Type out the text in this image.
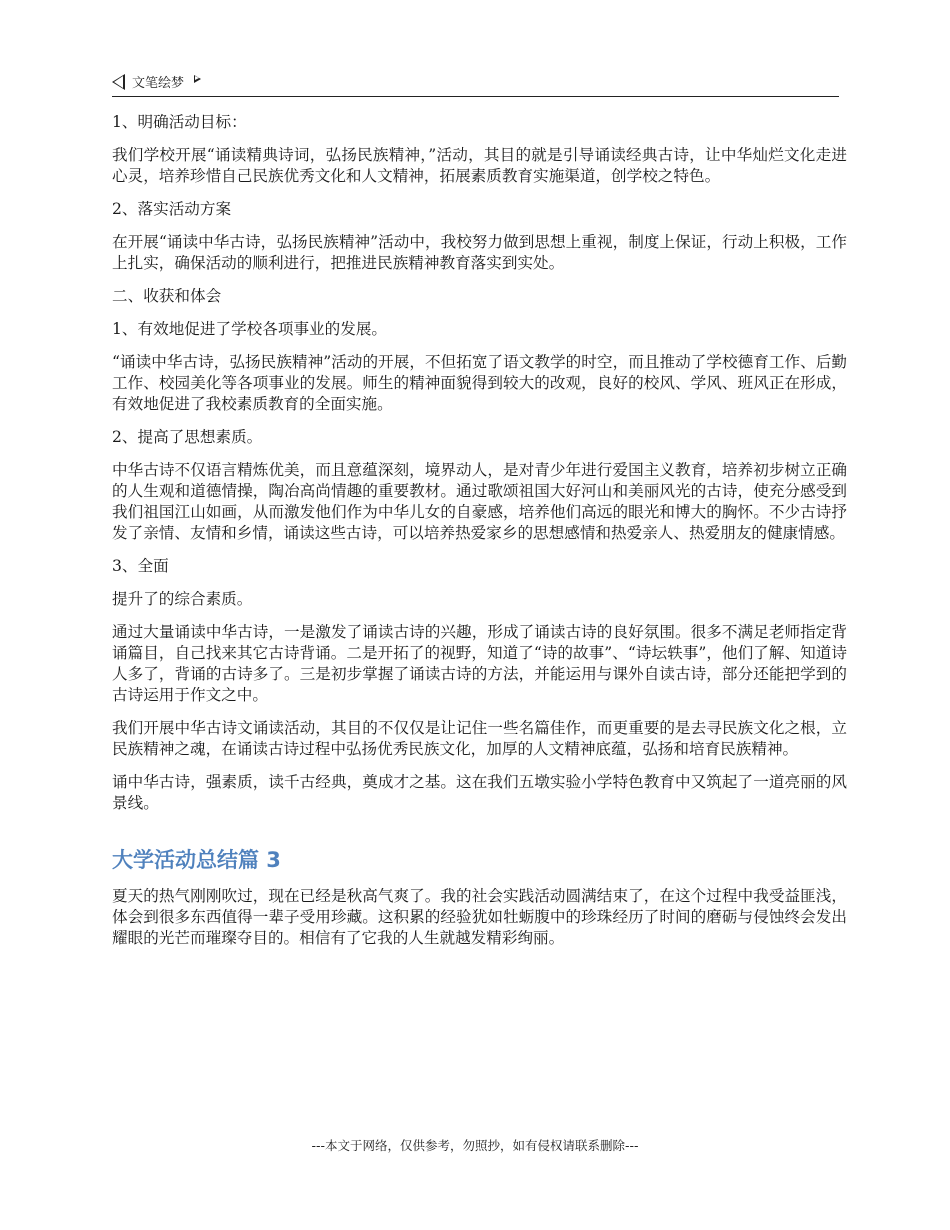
文笔绘梦

1、明确活动目标：

我们学校开展“诵读精典诗词，弘扬民族精神，”活动，其目的就是引导诵读经典古诗，让中华灿烂文化走进心灵，培养珍惜自己民族优秀文化和人文精神，拓展素质教育实施渠道，创学校之特色。

2、落实活动方案

在开展“诵读中华古诗，弘扬民族精神”活动中，我校努力做到思想上重视，制度上保证，行动上积极，工作上扎实，确保活动的顺利进行，把推进民族精神教育落实到实处。

二、收获和体会

1、有效地促进了学校各项事业的发展。

“诵读中华古诗，弘扬民族精神”活动的开展，不但拓宽了语文教学的时空，而且推动了学校德育工作、后勤工作、校园美化等各项事业的发展。师生的精神面貌得到较大的改观，良好的校风、学风、班风正在形成，有效地促进了我校素质教育的全面实施。

2、提高了思想素质。

中华古诗不仅语言精炼优美，而且意蕴深刻，境界动人，是对青少年进行爱国主义教育，培养初步树立正确的人生观和道德情操，陶冶高尚情趣的重要教材。通过歌颂祖国大好河山和美丽风光的古诗，使充分感受到我们祖国江山如画，从而激发他们作为中华儿女的自豪感，培养他们高远的眼光和博大的胸怀。不少古诗抒发了亲情、友情和乡情，诵读这些古诗，可以培养热爱家乡的思想感情和热爱亲人、热爱朋友的健康情感。

3、全面

提升了的综合素质。

通过大量诵读中华古诗，一是激发了诵读古诗的兴趣，形成了诵读古诗的良好氛围。很多不满足老师指定背诵篇目，自己找来其它古诗背诵。二是开拓了的视野，知道了“诗的故事”、“诗坛轶事”，他们了解、知道诗人多了，背诵的古诗多了。三是初步掌握了诵读古诗的方法，并能运用与课外自读古诗，部分还能把学到的古诗运用于作文之中。

我们开展中华古诗文诵读活动，其目的不仅仅是让记住一些名篇佳作，而更重要的是去寻民族文化之根，立民族精神之魂，在诵读古诗过程中弘扬优秀民族文化，加厚的人文精神底蕴，弘扬和培育民族精神。

诵中华古诗，强素质，读千古经典，奠成才之基。这在我们五墩实验小学特色教育中又筑起了一道亮丽的风景线。

大学活动总结篇 3

夏天的热气刚刚吹过，现在已经是秋高气爽了。我的社会实践活动圆满结束了，在这个过程中我受益匪浅，体会到很多东西值得一辈子受用珍藏。这积累的经验犹如牡蛎腹中的珍珠经历了时间的磨砺与侵蚀终会发出耀眼的光芒而璀璨夺目的。相信有了它我的人生就越发精彩绚丽。

---本文于网络，仅供参考，勿照抄，如有侵权请联系删除---
